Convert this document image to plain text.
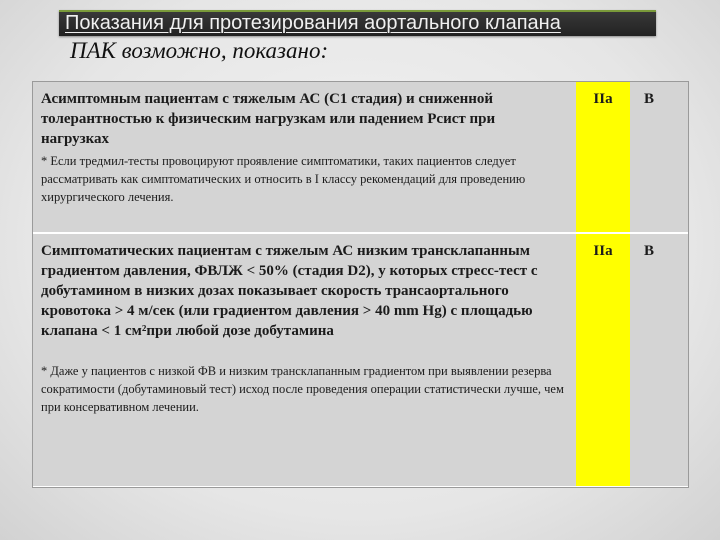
Показания для протезирования аортального клапана
ПАК возможно, показано:
Асимптомным пациентам с тяжелым АС (С1 стадия) и сниженной толерантностью к физическим нагрузкам или падением Рсист при нагрузках
* Если тредмил-тесты провоцируют проявление симптоматики, таких пациентов следует рассматривать как симптоматических и относить в I классу рекомендаций для проведению хирургического лечения.	IIa	B

Симптоматических пациентам с тяжелым АС низким трансклапанным градиентом давления, ФВЛЖ < 50% (стадия D2), у которых стресс-тест с добутамином в низких дозах показывает скорость трансаортального кровотока > 4 м/сек (или градиентом давления > 40 mm Hg) с площадью клапана < 1 см²при любой дозе добутамина
* Даже у пациентов с низкой ФВ и низким трансклапанным градиентом при выявлении резерва сократимости (добутаминовый тест) исход после проведения операции статистически лучше, чем при консервативном лечении.	IIa	B
